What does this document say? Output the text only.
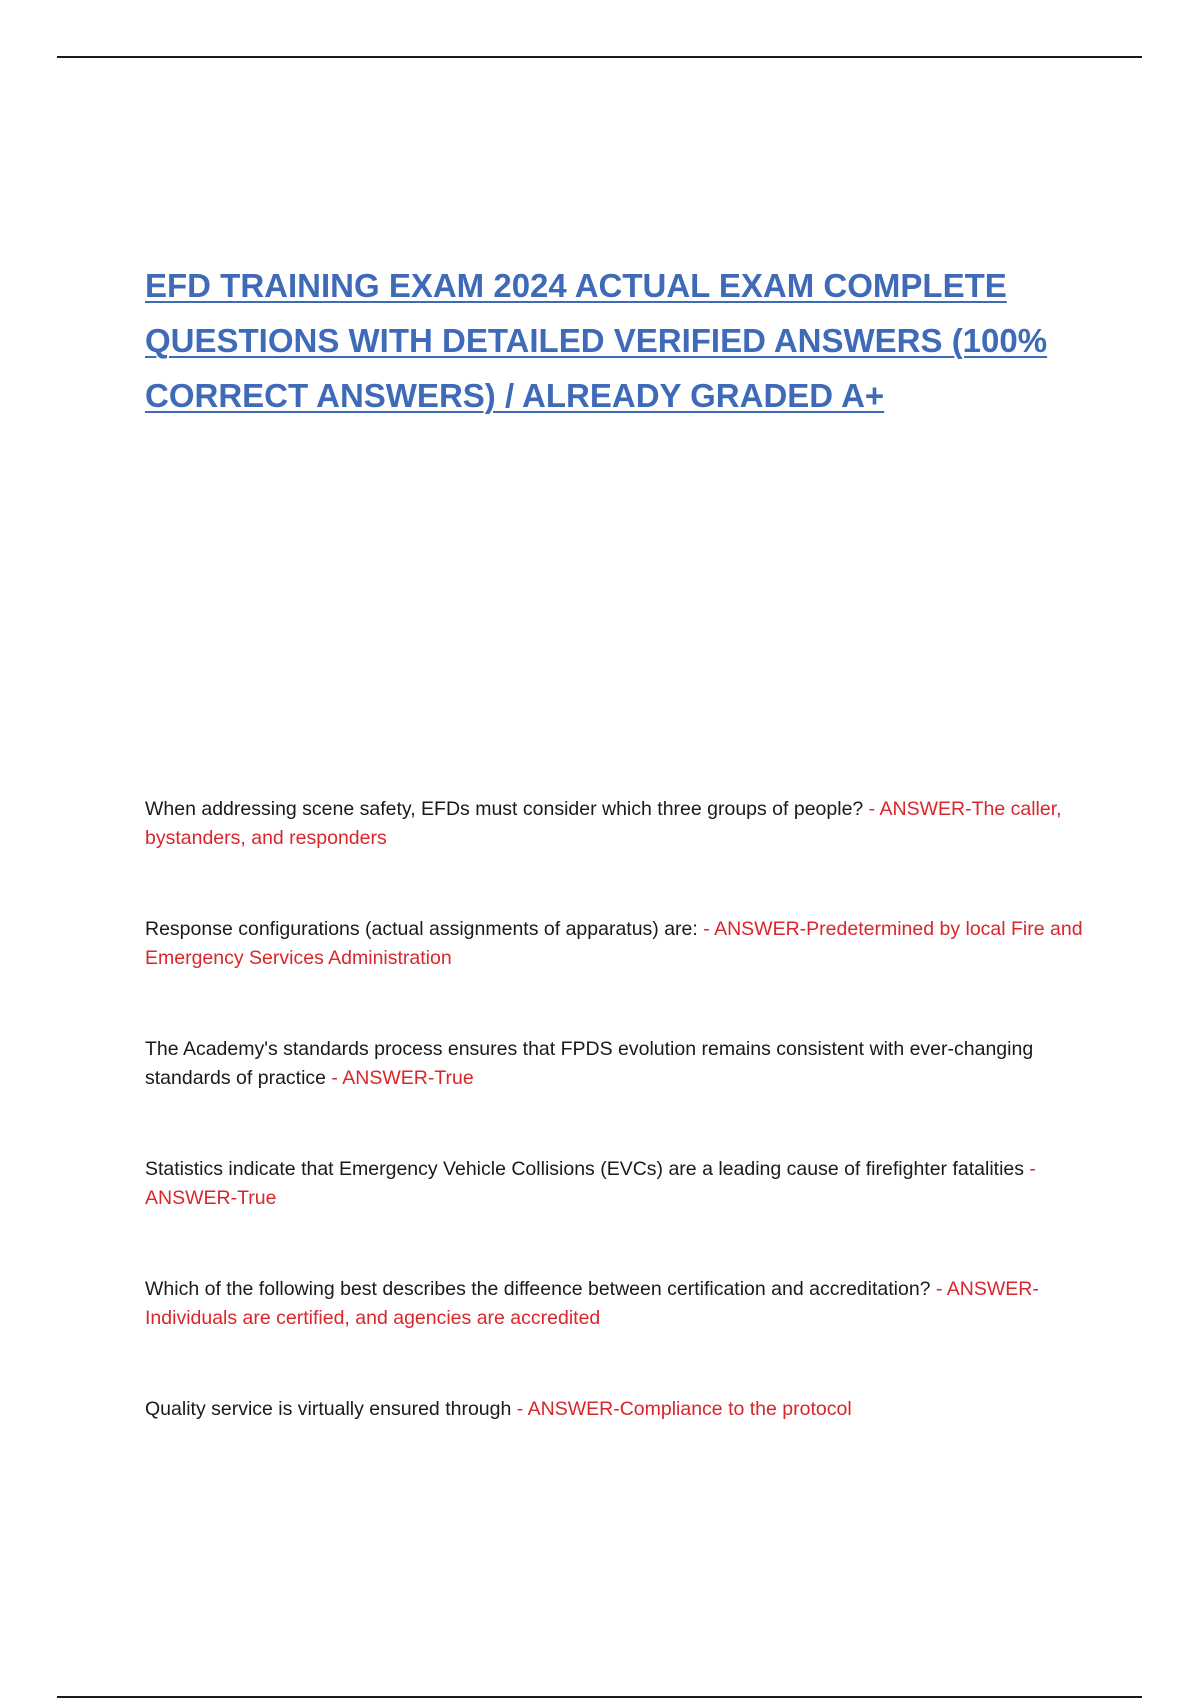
EFD TRAINING EXAM 2024 ACTUAL EXAM COMPLETE QUESTIONS WITH DETAILED VERIFIED ANSWERS (100% CORRECT ANSWERS) / ALREADY GRADED A+

When addressing scene safety, EFDs must consider which three groups of people? - ANSWER-The caller, bystanders, and responders

Response configurations (actual assignments of apparatus) are: - ANSWER-Predetermined by local Fire and Emergency Services Administration

The Academy's standards process ensures that FPDS evolution remains consistent with ever-changing standards of practice - ANSWER-True

Statistics indicate that Emergency Vehicle Collisions (EVCs) are a leading cause of firefighter fatalities - ANSWER-True

Which of the following best describes the diffeence between certification and accreditation? - ANSWER-Individuals are certified, and agencies are accredited

Quality service is virtually ensured through - ANSWER-Compliance to the protocol
